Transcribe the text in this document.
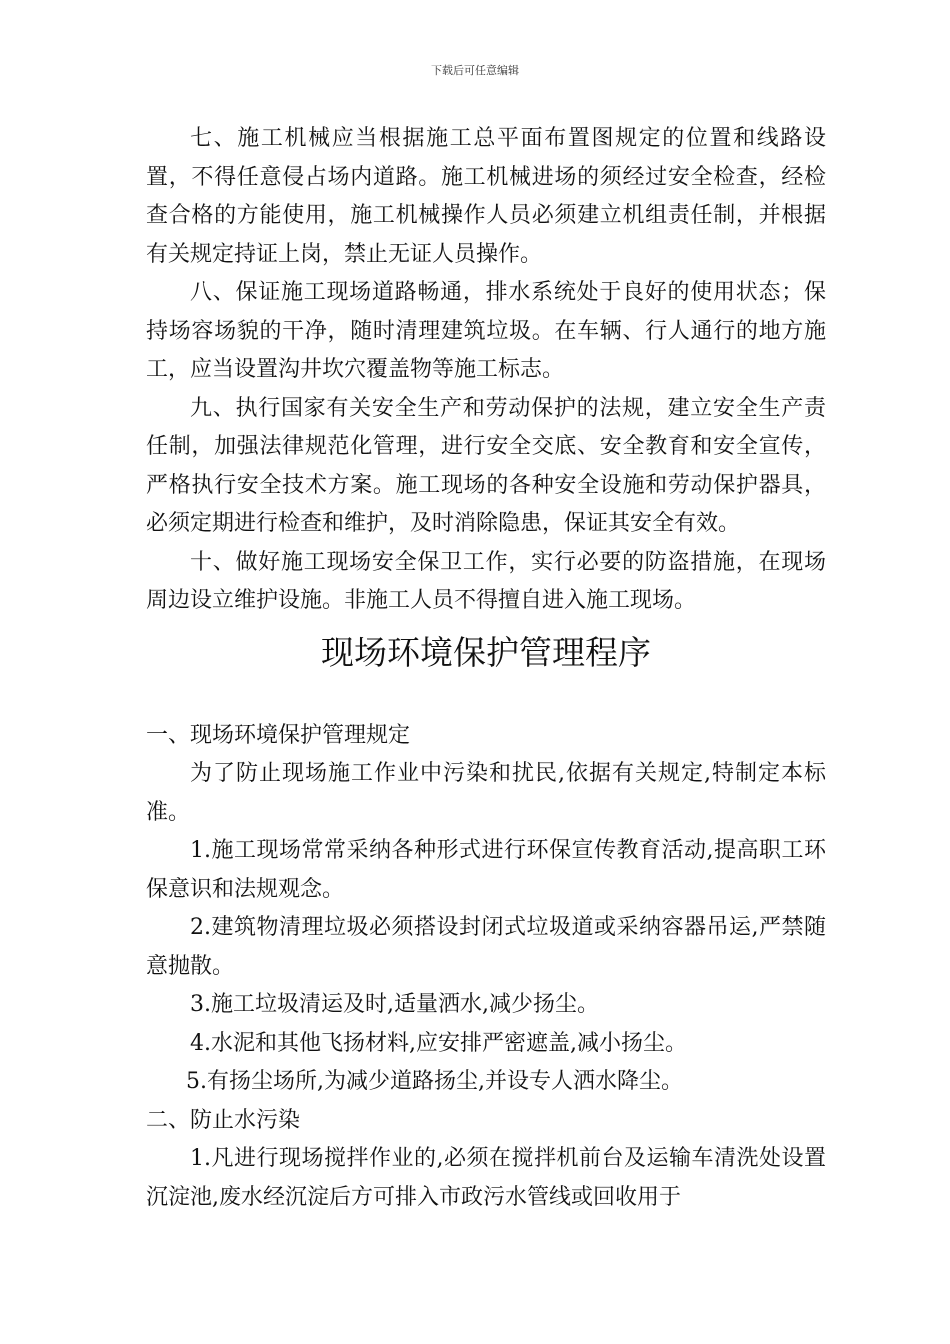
下载后可任意编辑

七、施工机械应当根据施工总平面布置图规定的位置和线路设置，不得任意侵占场内道路。施工机械进场的须经过安全检查，经检查合格的方能使用，施工机械操作人员必须建立机组责任制，并根据有关规定持证上岗，禁止无证人员操作。

八、保证施工现场道路畅通，排水系统处于良好的使用状态；保持场容场貌的干净，随时清理建筑垃圾。在车辆、行人通行的地方施工，应当设置沟井坎穴覆盖物等施工标志。

九、执行国家有关安全生产和劳动保护的法规，建立安全生产责任制，加强法律规范化管理，进行安全交底、安全教育和安全宣传，严格执行安全技术方案。施工现场的各种安全设施和劳动保护器具，必须定期进行检查和维护，及时消除隐患，保证其安全有效。

十、做好施工现场安全保卫工作，实行必要的防盗措施，在现场周边设立维护设施。非施工人员不得擅自进入施工现场。

现场环境保护管理程序

一、现场环境保护管理规定

为了防止现场施工作业中污染和扰民,依据有关规定,特制定本标准。

1.施工现场常常采纳各种形式进行环保宣传教育活动,提高职工环保意识和法规观念。

2.建筑物清理垃圾必须搭设封闭式垃圾道或采纳容器吊运,严禁随意抛散。

3.施工垃圾清运及时,适量洒水,减少扬尘。

4.水泥和其他飞扬材料,应安排严密遮盖,减小扬尘。

5.有扬尘场所,为减少道路扬尘,并设专人洒水降尘。

二、防止水污染

1.凡进行现场搅拌作业的,必须在搅拌机前台及运输车清洗处设置沉淀池,废水经沉淀后方可排入市政污水管线或回收用于
